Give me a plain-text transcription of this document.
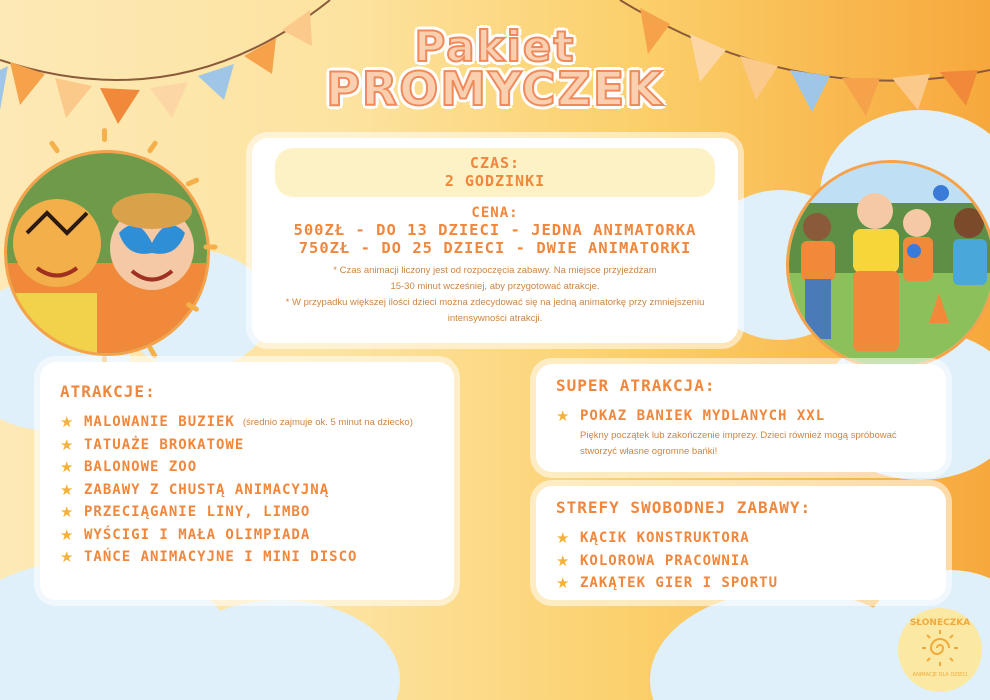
Pakiet
PROMYCZEK
CZAS:
2 GODZINKI
CENA:
500ZŁ - DO 13 DZIECI - JEDNA ANIMATORKA
750ZŁ - DO 25 DZIECI - DWIE ANIMATORKI
* Czas animacji liczony jest od rozpoczęcia zabawy. Na miejsce przyjeżdżam
15-30 minut wcześniej, aby przygotować atrakcje.
* W przypadku większej ilości dzieci można zdecydować się na jedną animatorkę przy zmniejszeniu
intensywności atrakcji.
ATRAKCJE:
★ MALOWANIE BUZIEK (średnio zajmuje ok. 5 minut na dziecko)
★ TATUAŻE BROKATOWE
★ BALONOWE ZOO
★ ZABAWY Z CHUSTĄ ANIMACYJNĄ
★ PRZECIĄGANIE LINY, LIMBO
★ WYŚCIGI I MAŁA OLIMPIADA
★ TAŃCE ANIMACYJNE I MINI DISCO
SUPER ATRAKCJA:
★ POKAZ BANIEK MYDLANYCH XXL
Piękny początek lub zakończenie imprezy. Dzieci również mogą spróbować
stworzyć własne ogromne bańki!
STREFY SWOBODNEJ ZABAWY:
★ KĄCIK KONSTRUKTORA
★ KOLOROWA PRACOWNIA
★ ZAKĄTEK GIER I SPORTU
SŁONECZKA
ANIMACJE DLA DZIECI
